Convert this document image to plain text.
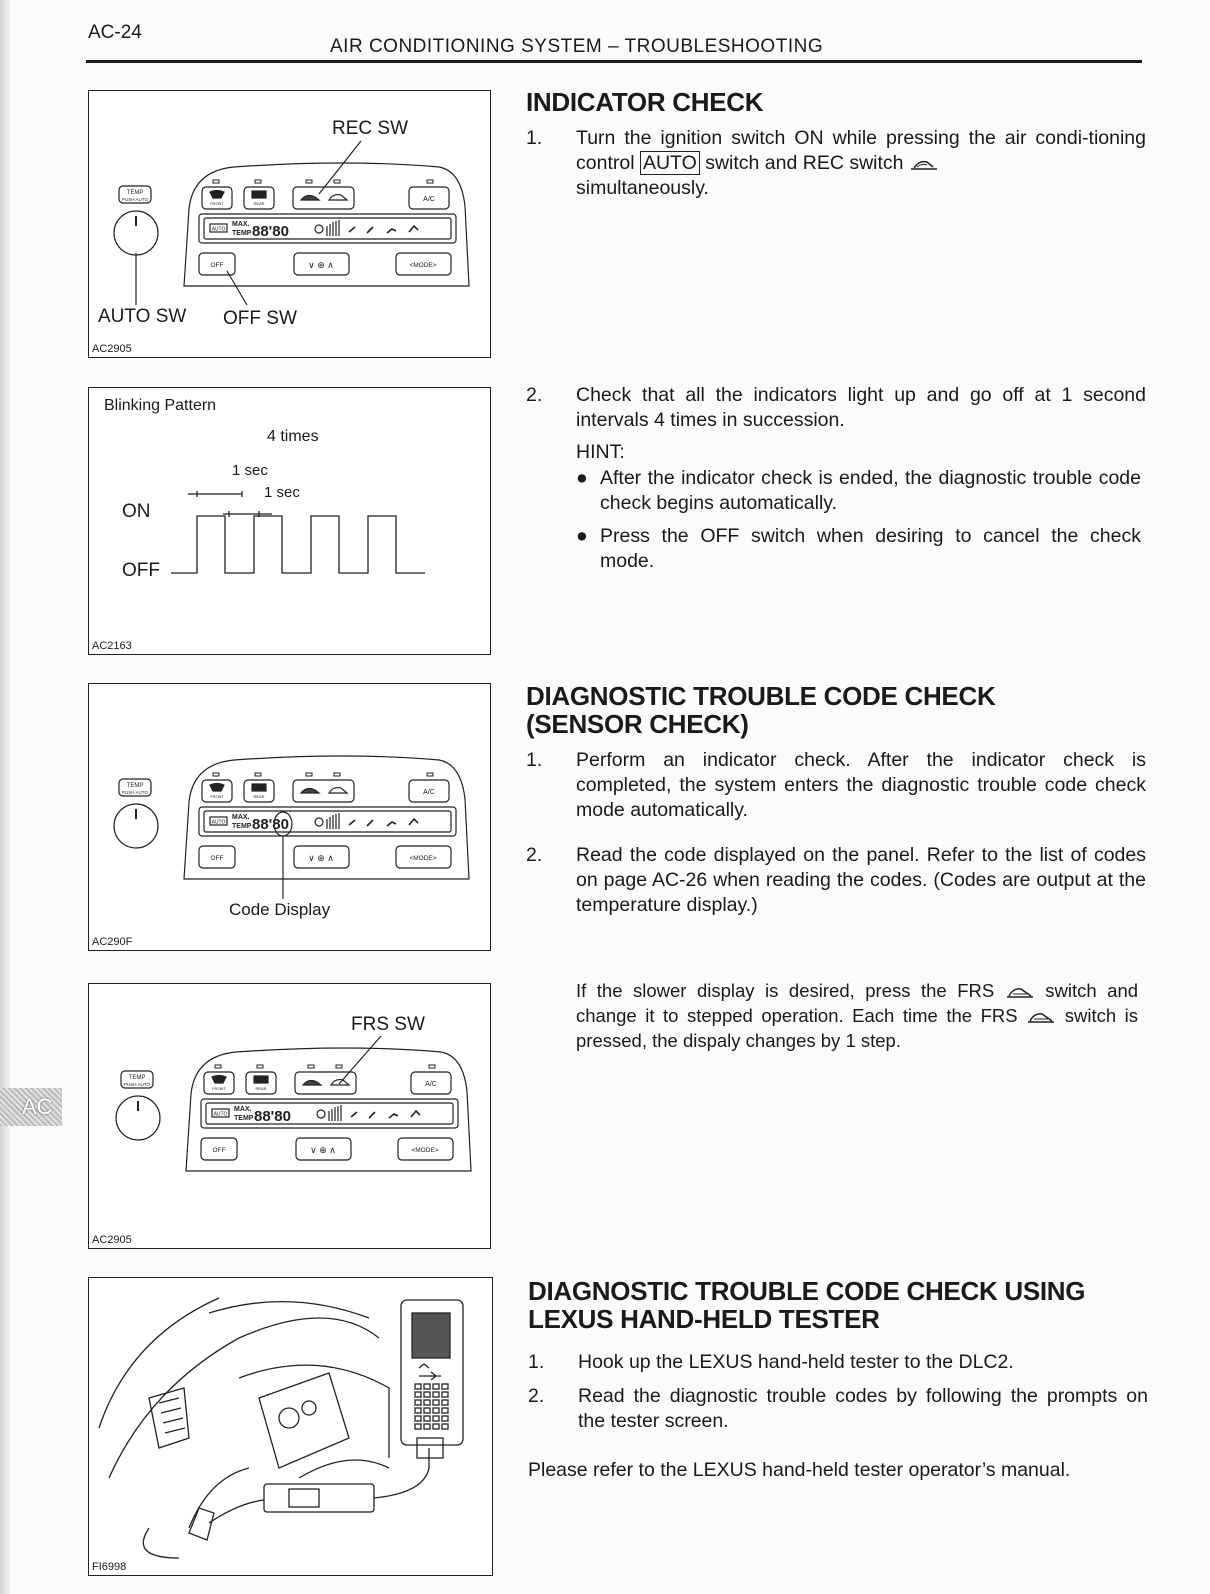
AC-24
AIR CONDITIONING SYSTEM – TROUBLESHOOTING
AC
TEMP
PUSH AUTO
FRONT	REAR
A/C
AUTO
MAX.
TEMP 88'80
OFF	∨ ⊕ ∧	<MODE>
REC SW
AUTO SW OFF SW
AC2905
Blinking Pattern
4 times
1 sec
1 sec
ON
OFF
AC2163
TEMP
PUSH AUTO
FRONT	REAR
A/C
AUTO
MAX.
TEMP 88'80
OFF	∨ ⊕ ∧	<MODE>
Code Display
AC290F
TEMP
PUSH AUTO
FRONT	REAR
A/C
AUTO
MAX.
TEMP 88'80
OFF	∨ ⊕ ∧	<MODE>
FRS SW
AC2905
FI6998
INDICATOR CHECK
1. Turn the ignition switch ON while pressing the air condi-tioning control AUTO switch and REC switch
simultaneously.
2. Check that all the indicators light up and go off at 1 second intervals 4 times in succession.
HINT:
● After the indicator check is ended, the diagnostic trouble code check begins automatically.
● Press the OFF switch when desiring to cancel the check mode.
DIAGNOSTIC TROUBLE CODE CHECK
(SENSOR CHECK)
1. Perform an indicator check. After the indicator check is completed, the system enters the diagnostic trouble code check mode automatically.
2. Read the code displayed on the panel. Refer to the list of codes on page AC-26 when reading the codes. (Codes are output at the temperature display.)
If the slower display is desired, press the FRS	switch and change it to stepped operation. Each time the FRS	switch is pressed, the dispaly changes by 1 step.
DIAGNOSTIC TROUBLE CODE CHECK USING
LEXUS HAND-HELD TESTER
1. Hook up the LEXUS hand-held tester to the DLC2.
2. Read the diagnostic trouble codes by following the prompts on the tester screen.
Please refer to the LEXUS hand-held tester operator’s manual.
